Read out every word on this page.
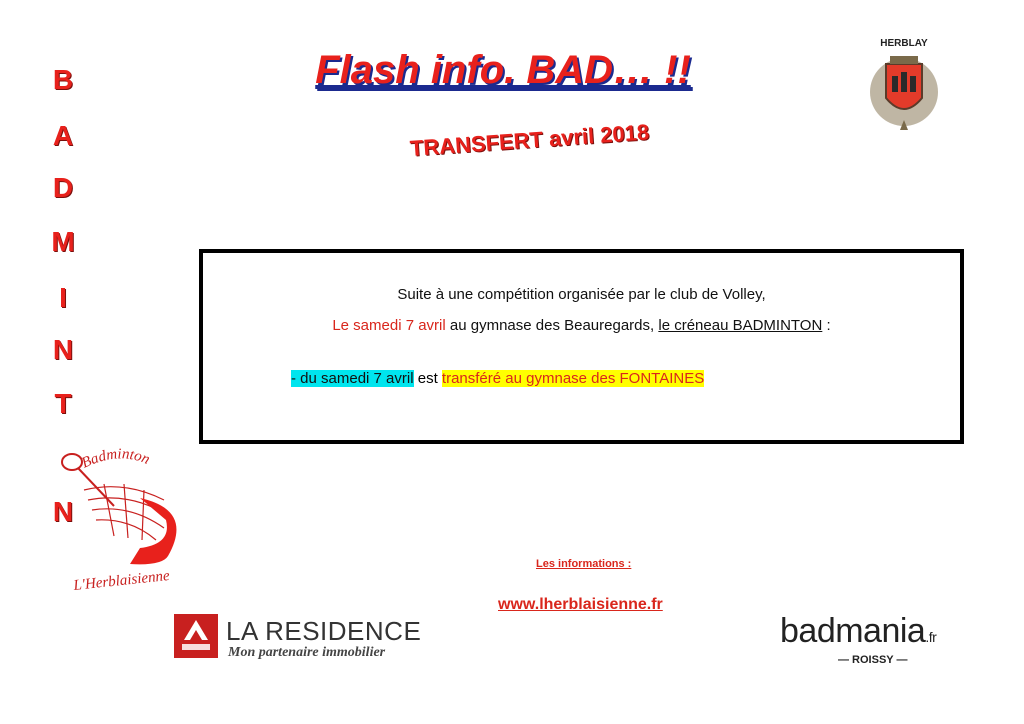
B
A
D
M
I
N
T
N
Flash info. BAD… !!
TRANSFERT avril 2018
HERBLAY
Suite à une compétition organisée par le club de Volley,
Le samedi 7 avril au gymnase des Beauregards, le créneau BADMINTON :
- du samedi 7 avril est transféré au gymnase des FONTAINES
Badminton
L'Herblaisienne
Les informations :
www.lherblaisienne.fr
LA RESIDENCE
Mon partenaire immobilier
badmania.fr
— ROISSY —
